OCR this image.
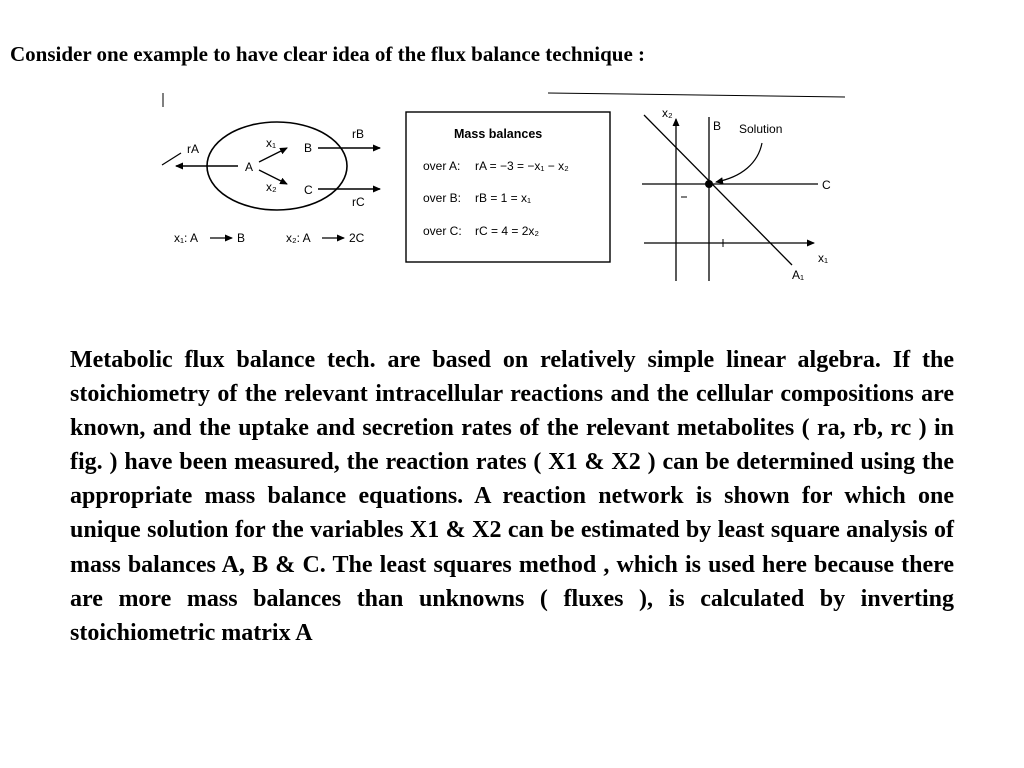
Consider one example to have clear idea of the flux balance technique :
rA
A
x₁
x₂
B
C
rB
rC
x₁: A	B	x₂: A	2C
Mass balances
over A: rA = −3 = −x₁ − x₂
over B: rB = 1 = x₁
over C: rC = 4 = 2x₂
x₂
x₁
B
C
A₁
Solution
Metabolic flux balance tech. are based on relatively simple linear algebra. If the stoichiometry of the relevant intracellular reactions and the cellular compositions are known, and the uptake and secretion rates of the relevant metabolites ( ra, rb, rc ) in fig. ) have been measured, the reaction rates ( X1 & X2 ) can be determined using the appropriate mass balance equations. A reaction network is shown for which one unique solution for the variables X1 & X2 can be estimated by least square analysis of mass balances A, B & C. The least squares method , which is used here because there are more mass balances than unknowns ( fluxes ), is calculated by inverting stoichiometric matrix A
